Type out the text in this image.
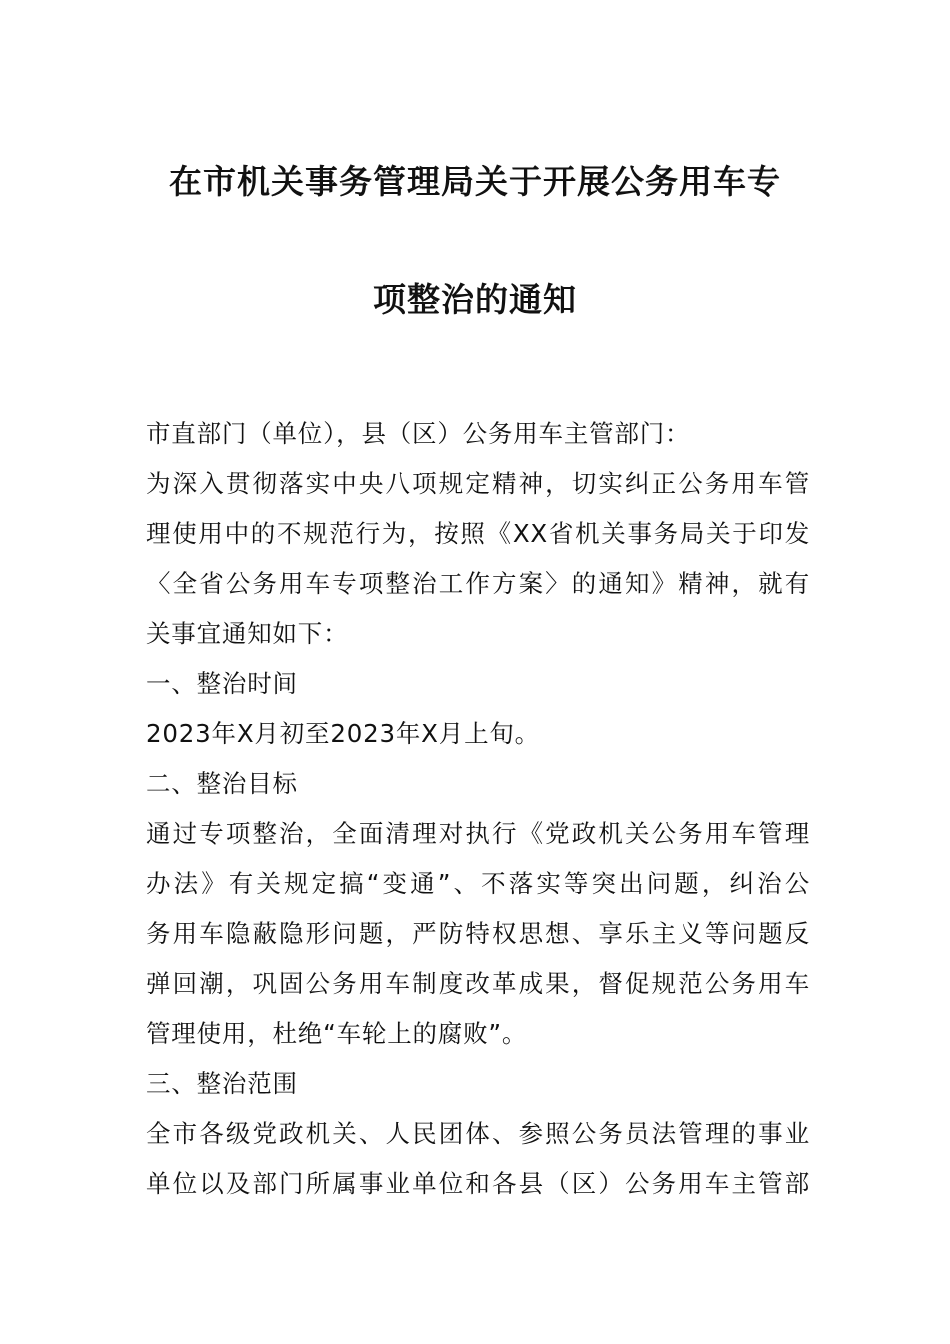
在市机关事务管理局关于开展公务用车专
项整治的通知
市直部门（单位），县（区）公务用车主管部门：
为深入贯彻落实中央八项规定精神，切实纠正公务用车管
理使用中的不规范行为，按照《XX省机关事务局关于印发
〈全省公务用车专项整治工作方案〉的通知》精神，就有
关事宜通知如下：
一、整治时间
2023年X月初至2023年X月上旬。
二、整治目标
通过专项整治，全面清理对执行《党政机关公务用车管理
办法》有关规定搞“变通”、不落实等突出问题，纠治公
务用车隐蔽隐形问题，严防特权思想、享乐主义等问题反
弹回潮，巩固公务用车制度改革成果，督促规范公务用车
管理使用，杜绝“车轮上的腐败”。
三、整治范围
全市各级党政机关、人民团体、参照公务员法管理的事业
单位以及部门所属事业单位和各县（区）公务用车主管部
